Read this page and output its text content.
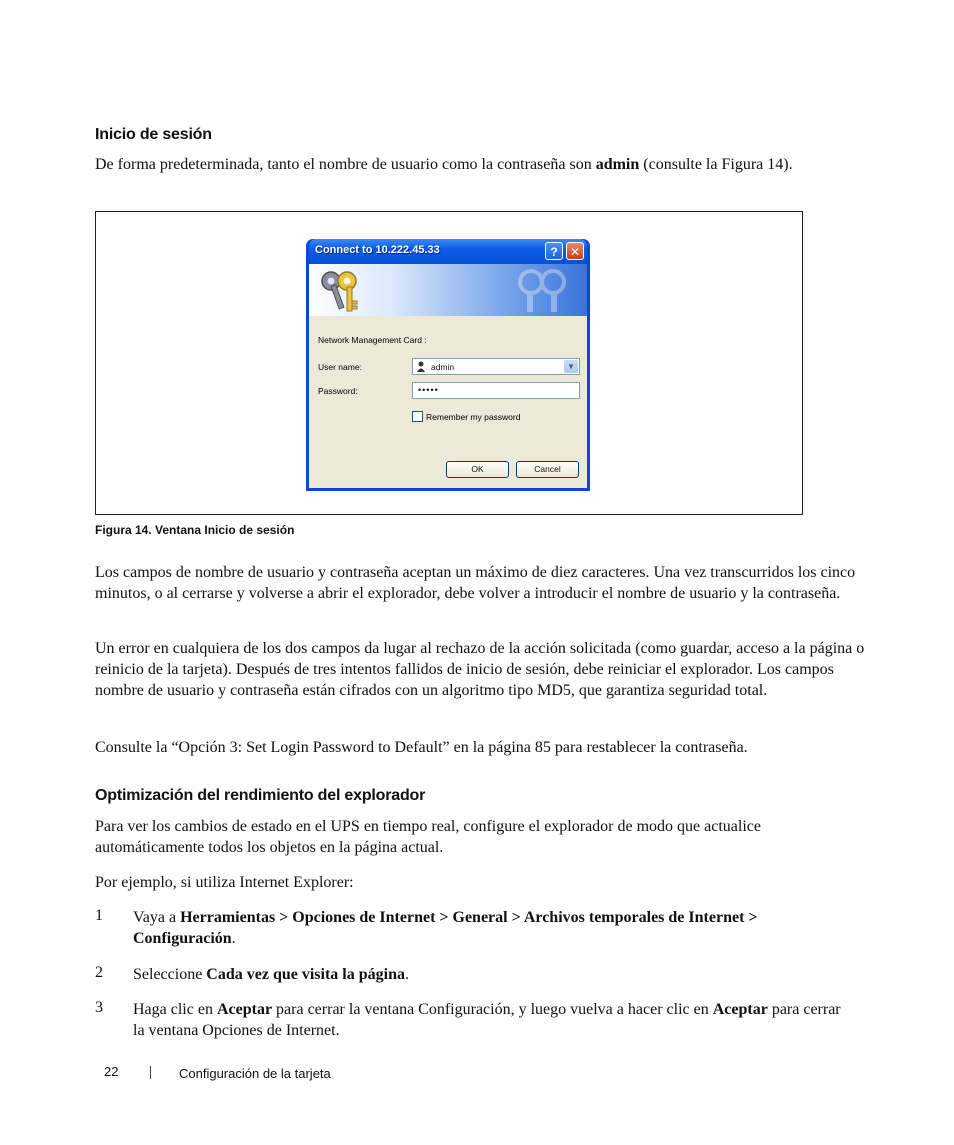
Inicio de sesión
De forma predeterminada, tanto el nombre de usuario como la contraseña son admin (consulte la Figura 14).
Connect to 10.222.45.33	?	✕
Network Management Card :
User name:	admin	▼
Password:	•••••
Remember my password
OK	Cancel
Figura 14. Ventana Inicio de sesión
Los campos de nombre de usuario y contraseña aceptan un máximo de diez caracteres. Una vez transcurridos los cinco minutos, o al cerrarse y volverse a abrir el explorador, debe volver a introducir el nombre de usuario y la contraseña.
Un error en cualquiera de los dos campos da lugar al rechazo de la acción solicitada (como guardar, acceso a la página o reinicio de la tarjeta). Después de tres intentos fallidos de inicio de sesión, debe reiniciar el explorador. Los campos nombre de usuario y contraseña están cifrados con un algoritmo tipo MD5, que garantiza seguridad total.
Consulte la “Opción 3: Set Login Password to Default” en la página 85 para restablecer la contraseña.
Optimización del rendimiento del explorador
Para ver los cambios de estado en el UPS en tiempo real, configure el explorador de modo que actualice automáticamente todos los objetos en la página actual.
Por ejemplo, si utiliza Internet Explorer:
1 Vaya a Herramientas > Opciones de Internet > General > Archivos temporales de Internet > Configuración.
2 Seleccione Cada vez que visita la página.
3 Haga clic en Aceptar para cerrar la ventana Configuración, y luego vuelva a hacer clic en Aceptar para cerrar la ventana Opciones de Internet.
22	Configuración de la tarjeta
